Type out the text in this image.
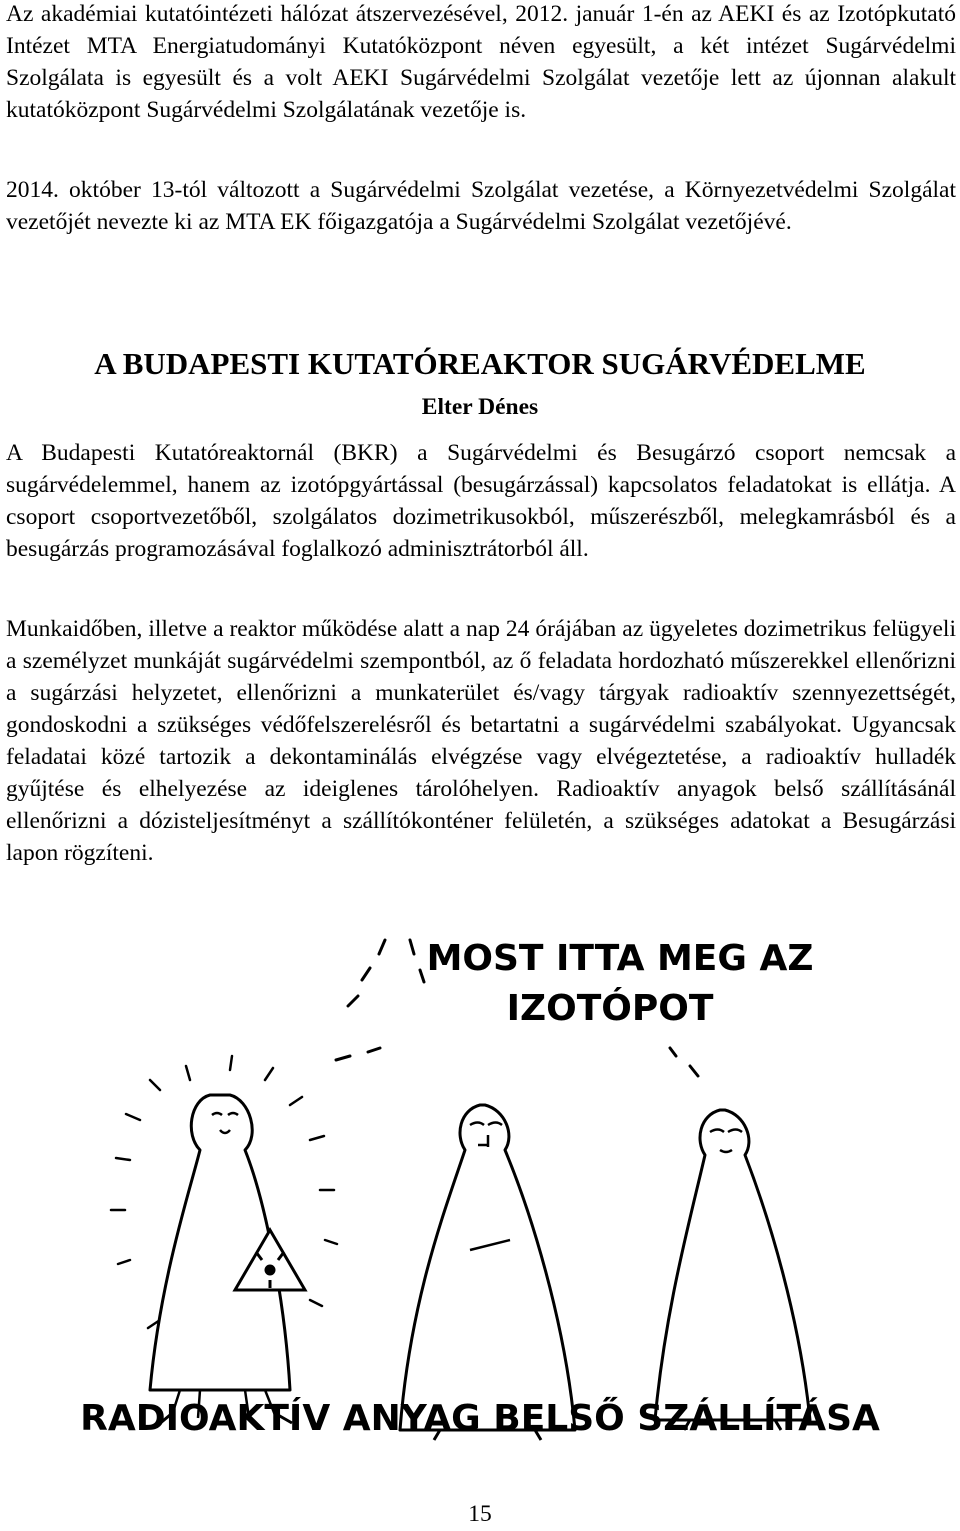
Az akadémiai kutatóintézeti hálózat átszervezésével, 2012. január 1-én az AEKI és az Izotópkutató Intézet MTA Energiatudományi Kutatóközpont néven egyesült, a két intézet Sugárvédelmi Szolgálata is egyesült és a volt AEKI Sugárvédelmi Szolgálat vezetője lett az újonnan alakult kutatóközpont Sugárvédelmi Szolgálatának vezetője is.

2014. október 13-tól változott a Sugárvédelmi Szolgálat vezetése, a Környezetvédelmi Szolgálat vezetőjét nevezte ki az MTA EK főigazgatója a Sugárvédelmi Szolgálat vezetőjévé.

A BUDAPESTI KUTATÓREAKTOR SUGÁRVÉDELME
Elter Dénes

A Budapesti Kutatóreaktornál (BKR) a Sugárvédelmi és Besugárzó csoport nemcsak a sugárvédelemmel, hanem az izotópgyártással (besugárzással) kapcsolatos feladatokat is ellátja. A csoport csoportvezetőből, szolgálatos dozimetrikusokból, műszerészből, melegkamrásból és a besugárzás programozásával foglalkozó adminisztrátorból áll.

Munkaidőben, illetve a reaktor működése alatt a nap 24 órájában az ügyeletes dozimetrikus felügyeli a személyzet munkáját sugárvédelmi szempontból, az ő feladata hordozható műszerekkel ellenőrizni a sugárzási helyzetet, ellenőrizni a munkaterület és/vagy tárgyak radioaktív szennyezettségét, gondoskodni a szükséges védőfelszerelésről és betartatni a sugárvédelmi szabályokat. Ugyancsak feladatai közé tartozik a dekontaminálás elvégzése vagy elvégeztetése, a radioaktív hulladék gyűjtése és elhelyezése az ideiglenes tárolóhelyen. Radioaktív anyagok belső szállításánál ellenőrizni a dózisteljesítményt a szállítókonténer felületén, a szükséges adatokat a Besugárzási lapon rögzíteni.

MOST ITTA MEG AZ
IZOTÓPOT
RADIOAKTÍV ANYAG BELSŐ SZÁLLÍTÁSA
15
